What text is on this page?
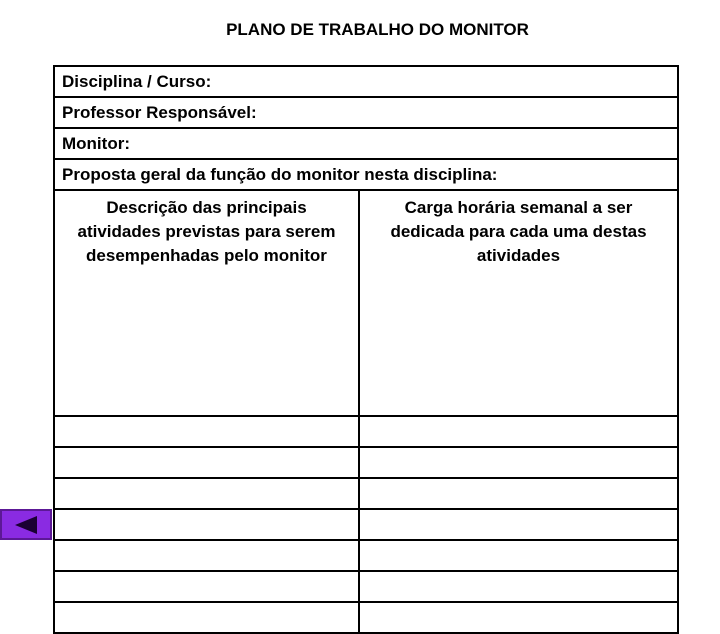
PLANO DE TRABALHO DO MONITOR
Disciplina / Curso:
Professor Responsável:
Monitor:
Proposta geral da função do monitor nesta disciplina:
Descrição das principais atividades previstas para serem desempenhadas pelo monitor
Carga horária semanal a ser dedicada para cada uma destas atividades
